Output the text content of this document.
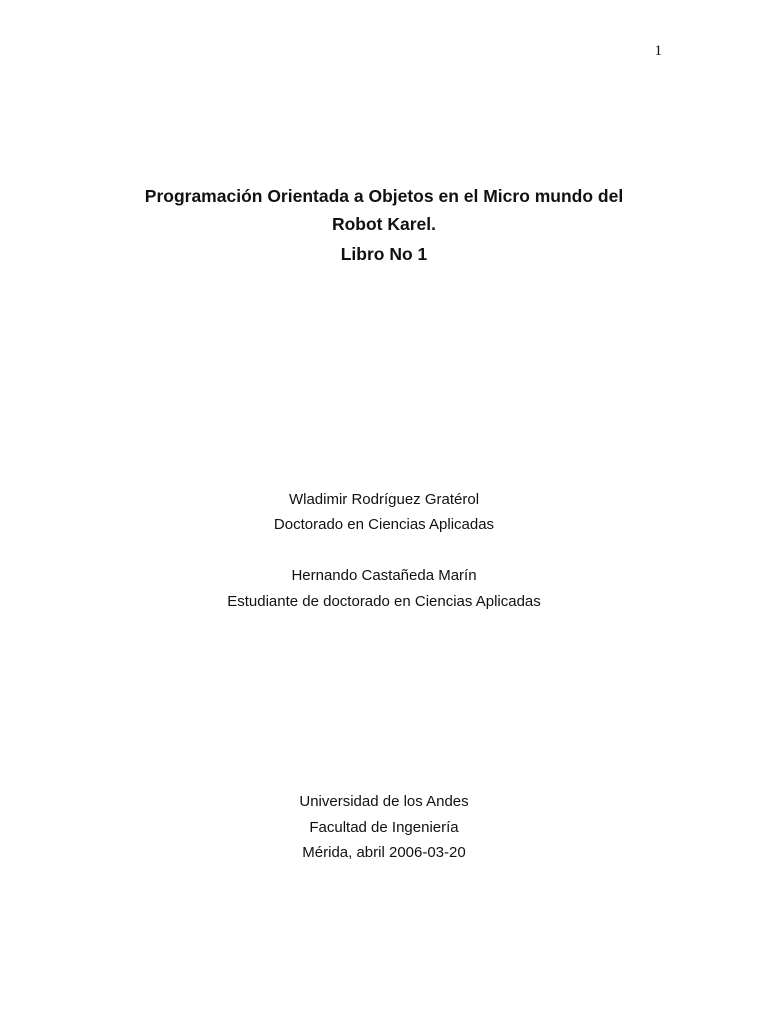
1
Programación Orientada a Objetos en el Micro mundo del
Robot Karel.
Libro No 1
Wladimir Rodríguez Gratérol
Doctorado en Ciencias Aplicadas
Hernando Castañeda Marín
Estudiante de doctorado en Ciencias Aplicadas
Universidad de los Andes
Facultad de Ingeniería
Mérida, abril 2006-03-20
